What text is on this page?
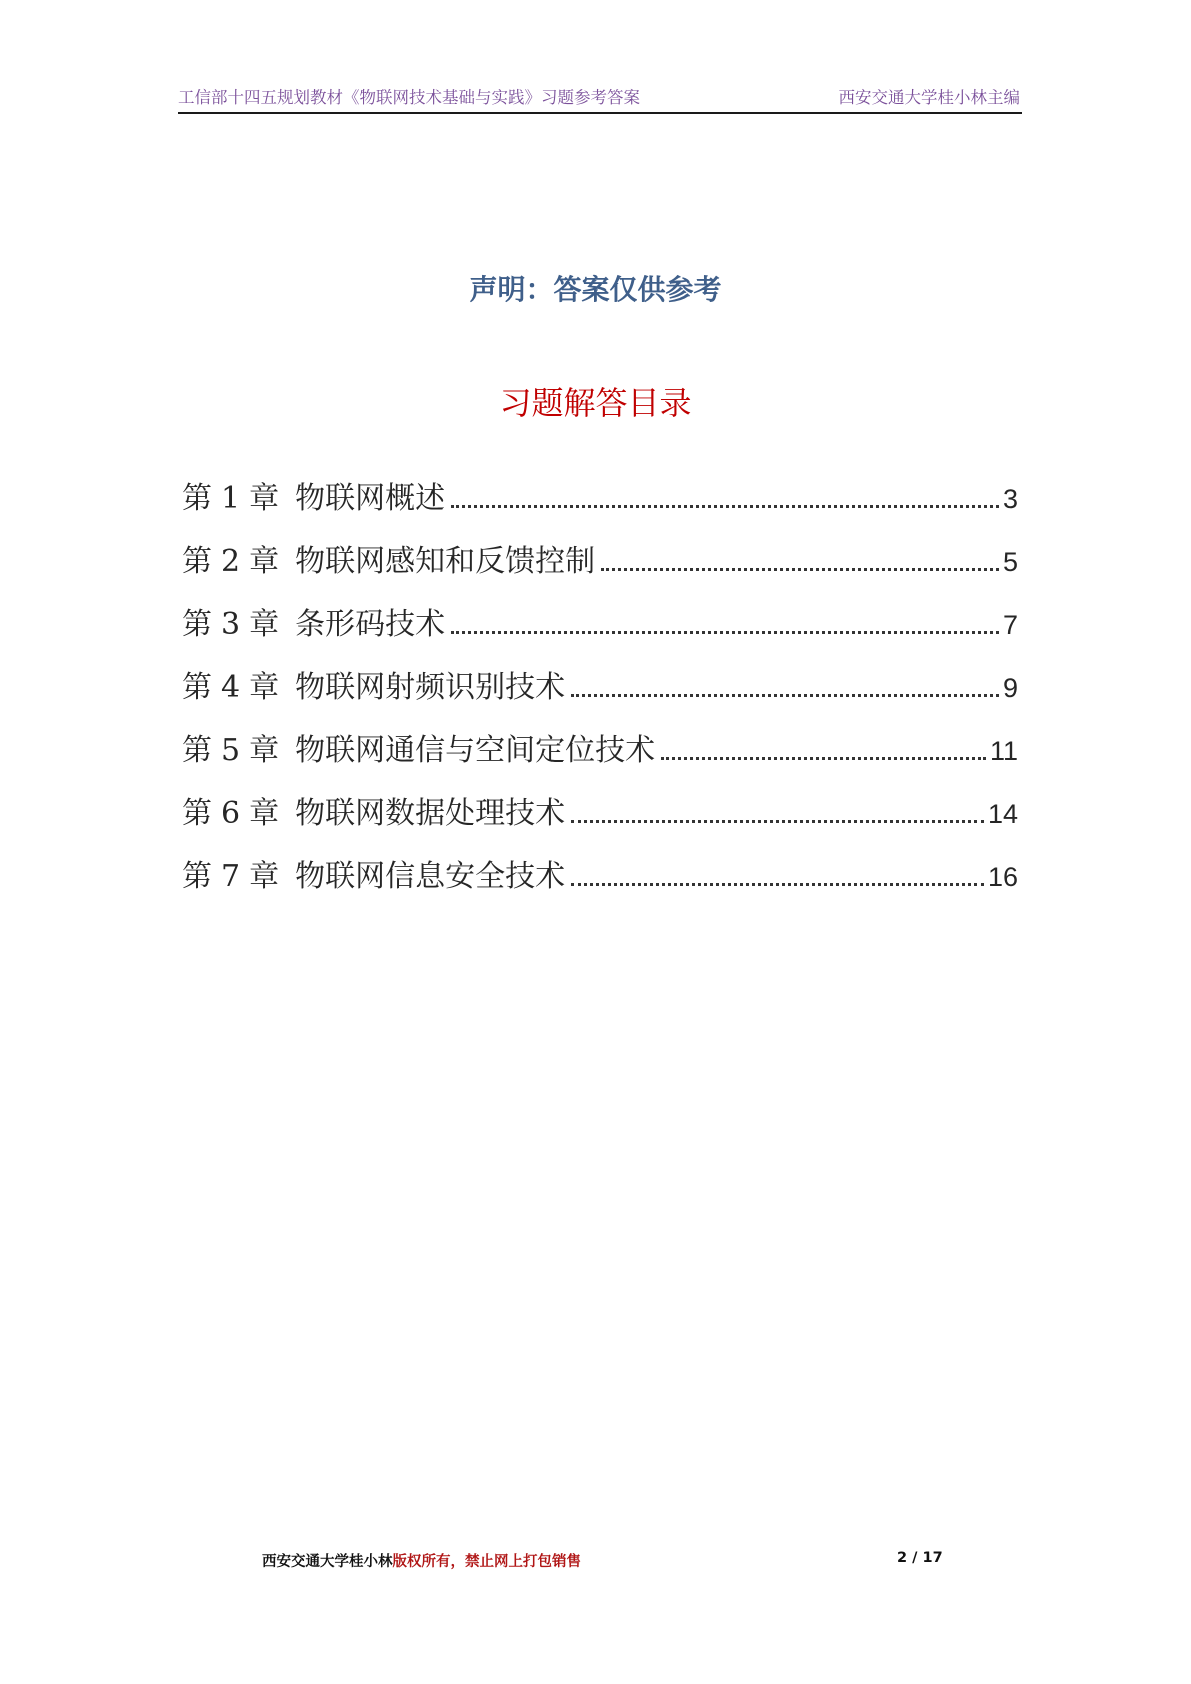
工信部十四五规划教材《物联网技术基础与实践》习题参考答案	西安交通大学桂小林主编
声明：答案仅供参考
习题解答目录
第 1 章 物联网概述	3
第 2 章 物联网感知和反馈控制	5
第 3 章 条形码技术	7
第 4 章 物联网射频识别技术	9
第 5 章 物联网通信与空间定位技术	11
第 6 章 物联网数据处理技术	14
第 7 章 物联网信息安全技术	16
西安交通大学桂小林版权所有，禁止网上打包销售	2 / 17
